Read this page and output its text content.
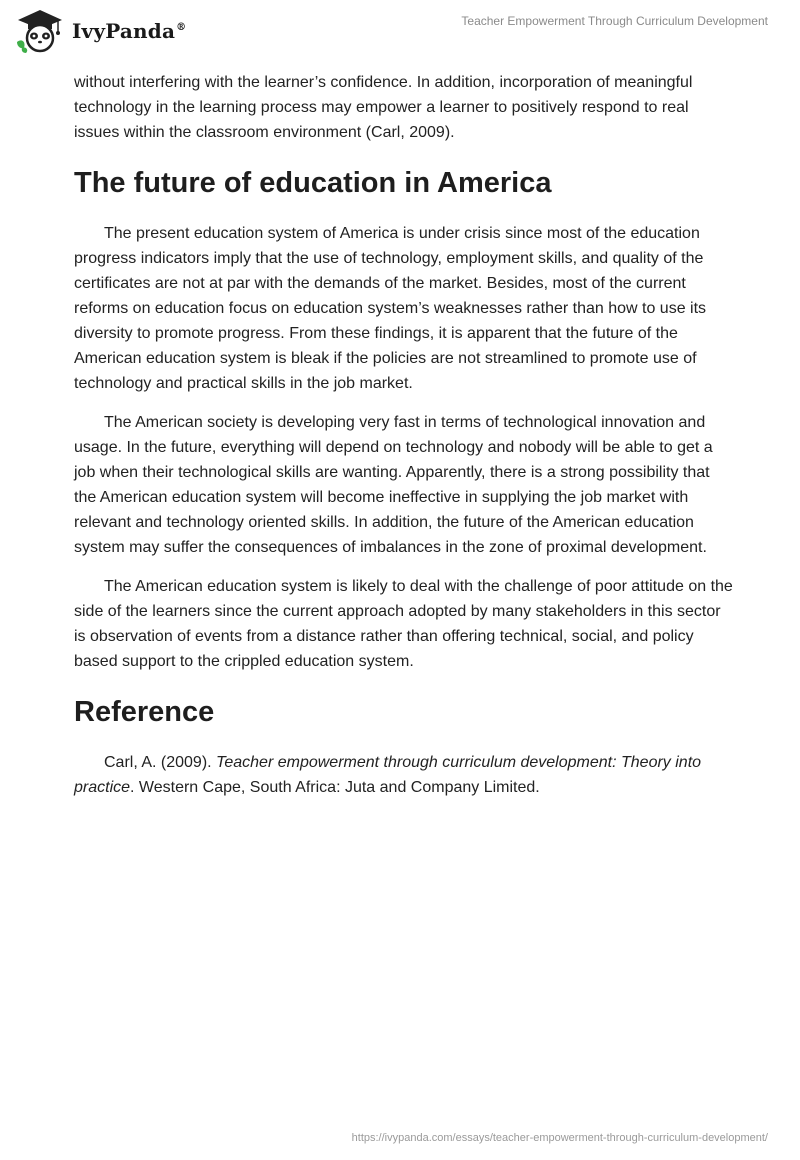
IvyPanda®	Teacher Empowerment Through Curriculum Development

without interfering with the learner’s confidence. In addition, incorporation of meaningful technology in the learning process may empower a learner to positively respond to real issues within the classroom environment (Carl, 2009).

The future of education in America

The present education system of America is under crisis since most of the education progress indicators imply that the use of technology, employment skills, and quality of the certificates are not at par with the demands of the market. Besides, most of the current reforms on education focus on education system’s weaknesses rather than how to use its diversity to promote progress. From these findings, it is apparent that the future of the American education system is bleak if the policies are not streamlined to promote use of technology and practical skills in the job market.

The American society is developing very fast in terms of technological innovation and usage. In the future, everything will depend on technology and nobody will be able to get a job when their technological skills are wanting. Apparently, there is a strong possibility that the American education system will become ineffective in supplying the job market with relevant and technology oriented skills. In addition, the future of the American education system may suffer the consequences of imbalances in the zone of proximal development.

The American education system is likely to deal with the challenge of poor attitude on the side of the learners since the current approach adopted by many stakeholders in this sector is observation of events from a distance rather than offering technical, social, and policy based support to the crippled education system.

Reference

Carl, A. (2009). Teacher empowerment through curriculum development: Theory into practice. Western Cape, South Africa: Juta and Company Limited.

https://ivypanda.com/essays/teacher-empowerment-through-curriculum-development/
